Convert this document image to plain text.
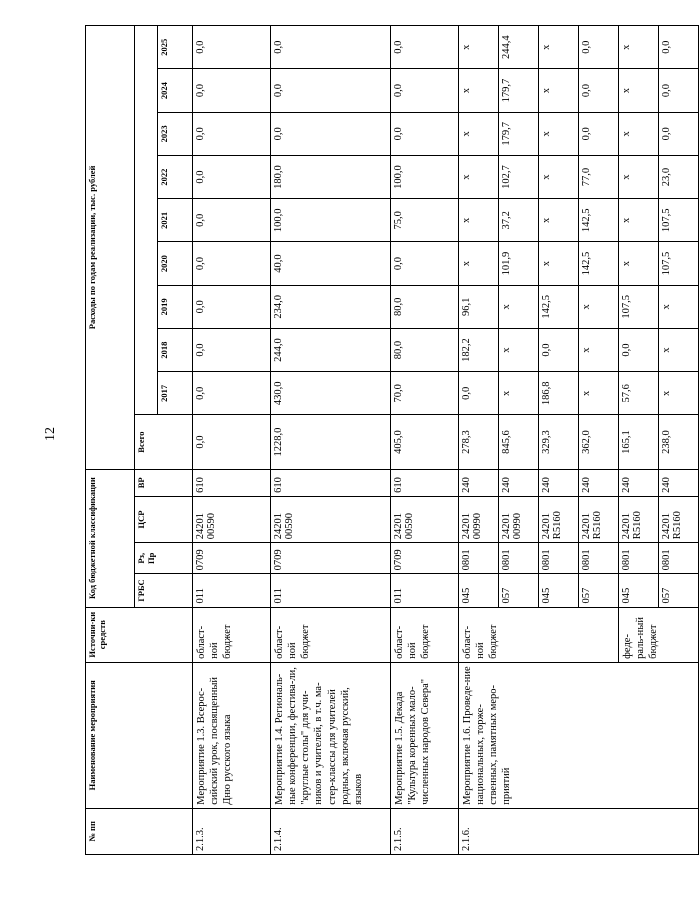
12
№ пп	Наименование мероприятия	Источни-ки средств	Код бюджетной классификации				Расходы по годам реализации, тыс. рублей									
			ГРБС	Рз, Пр	ЦСР	ВР	Всего									
								2017	2018	2019	2020	2021	2022	2023	2024	2025
2.1.3.	Мероприятие 1.3. Всерос-сийский урок, посвященный Дню русского языка	област-ной бюджет	011	0709	24201 00590	610	0,0	0,0	0,0	0,0	0,0	0,0	0,0	0,0	0,0	0,0
2.1.4.	Мероприятие 1.4. Региональ-ные конференции, фестива-ли, "круглые столы" для учи-ников и учителей, в т.ч. ма-стер-классы для учителей родных, включая русский, языков	област-ной бюджет	011	0709	24201 00590	610	1228,0	430,0	244,0	234,0	40,0	100,0	180,0	0,0	0,0	0,0
2.1.5.	Мероприятие 1.5. Декада "Культура коренных мало-численных народов Севера"	област-ной бюджет	011	0709	24201 00590	610	405,0	70,0	80,0	80,0	0,0	75,0	100,0	0,0	0,0	0,0
2.1.6.	Мероприятие 1.6. Проведе-ние национальных, торже-ственных, памятных меро-приятий	област-ной бюджет	045	0801	24201 00990	240	278,3	0,0	182,2	96,1	х	х	х	х	х	х
			057	0801	24201 00990	240	845,6	х	х	х	101,9	37,2	102,7	179,7	179,7	244,4
			045	0801	24201 R5160	240	329,3	186,8	0,0	142,5	х	х	х	х	х	х
			057	0801	24201 R5160	240	362,0	х	х	х	142,5	142,5	77,0	0,0	0,0	0,0
		феде-раль-ный бюджет	045	0801	24201 R5160	240	165,1	57,6	0,0	107,5	х	х	х	х	х	х
			057	0801	24201 R5160	240	238,0	х	х	х	107,5	107,5	23,0	0,0	0,0	0,0
